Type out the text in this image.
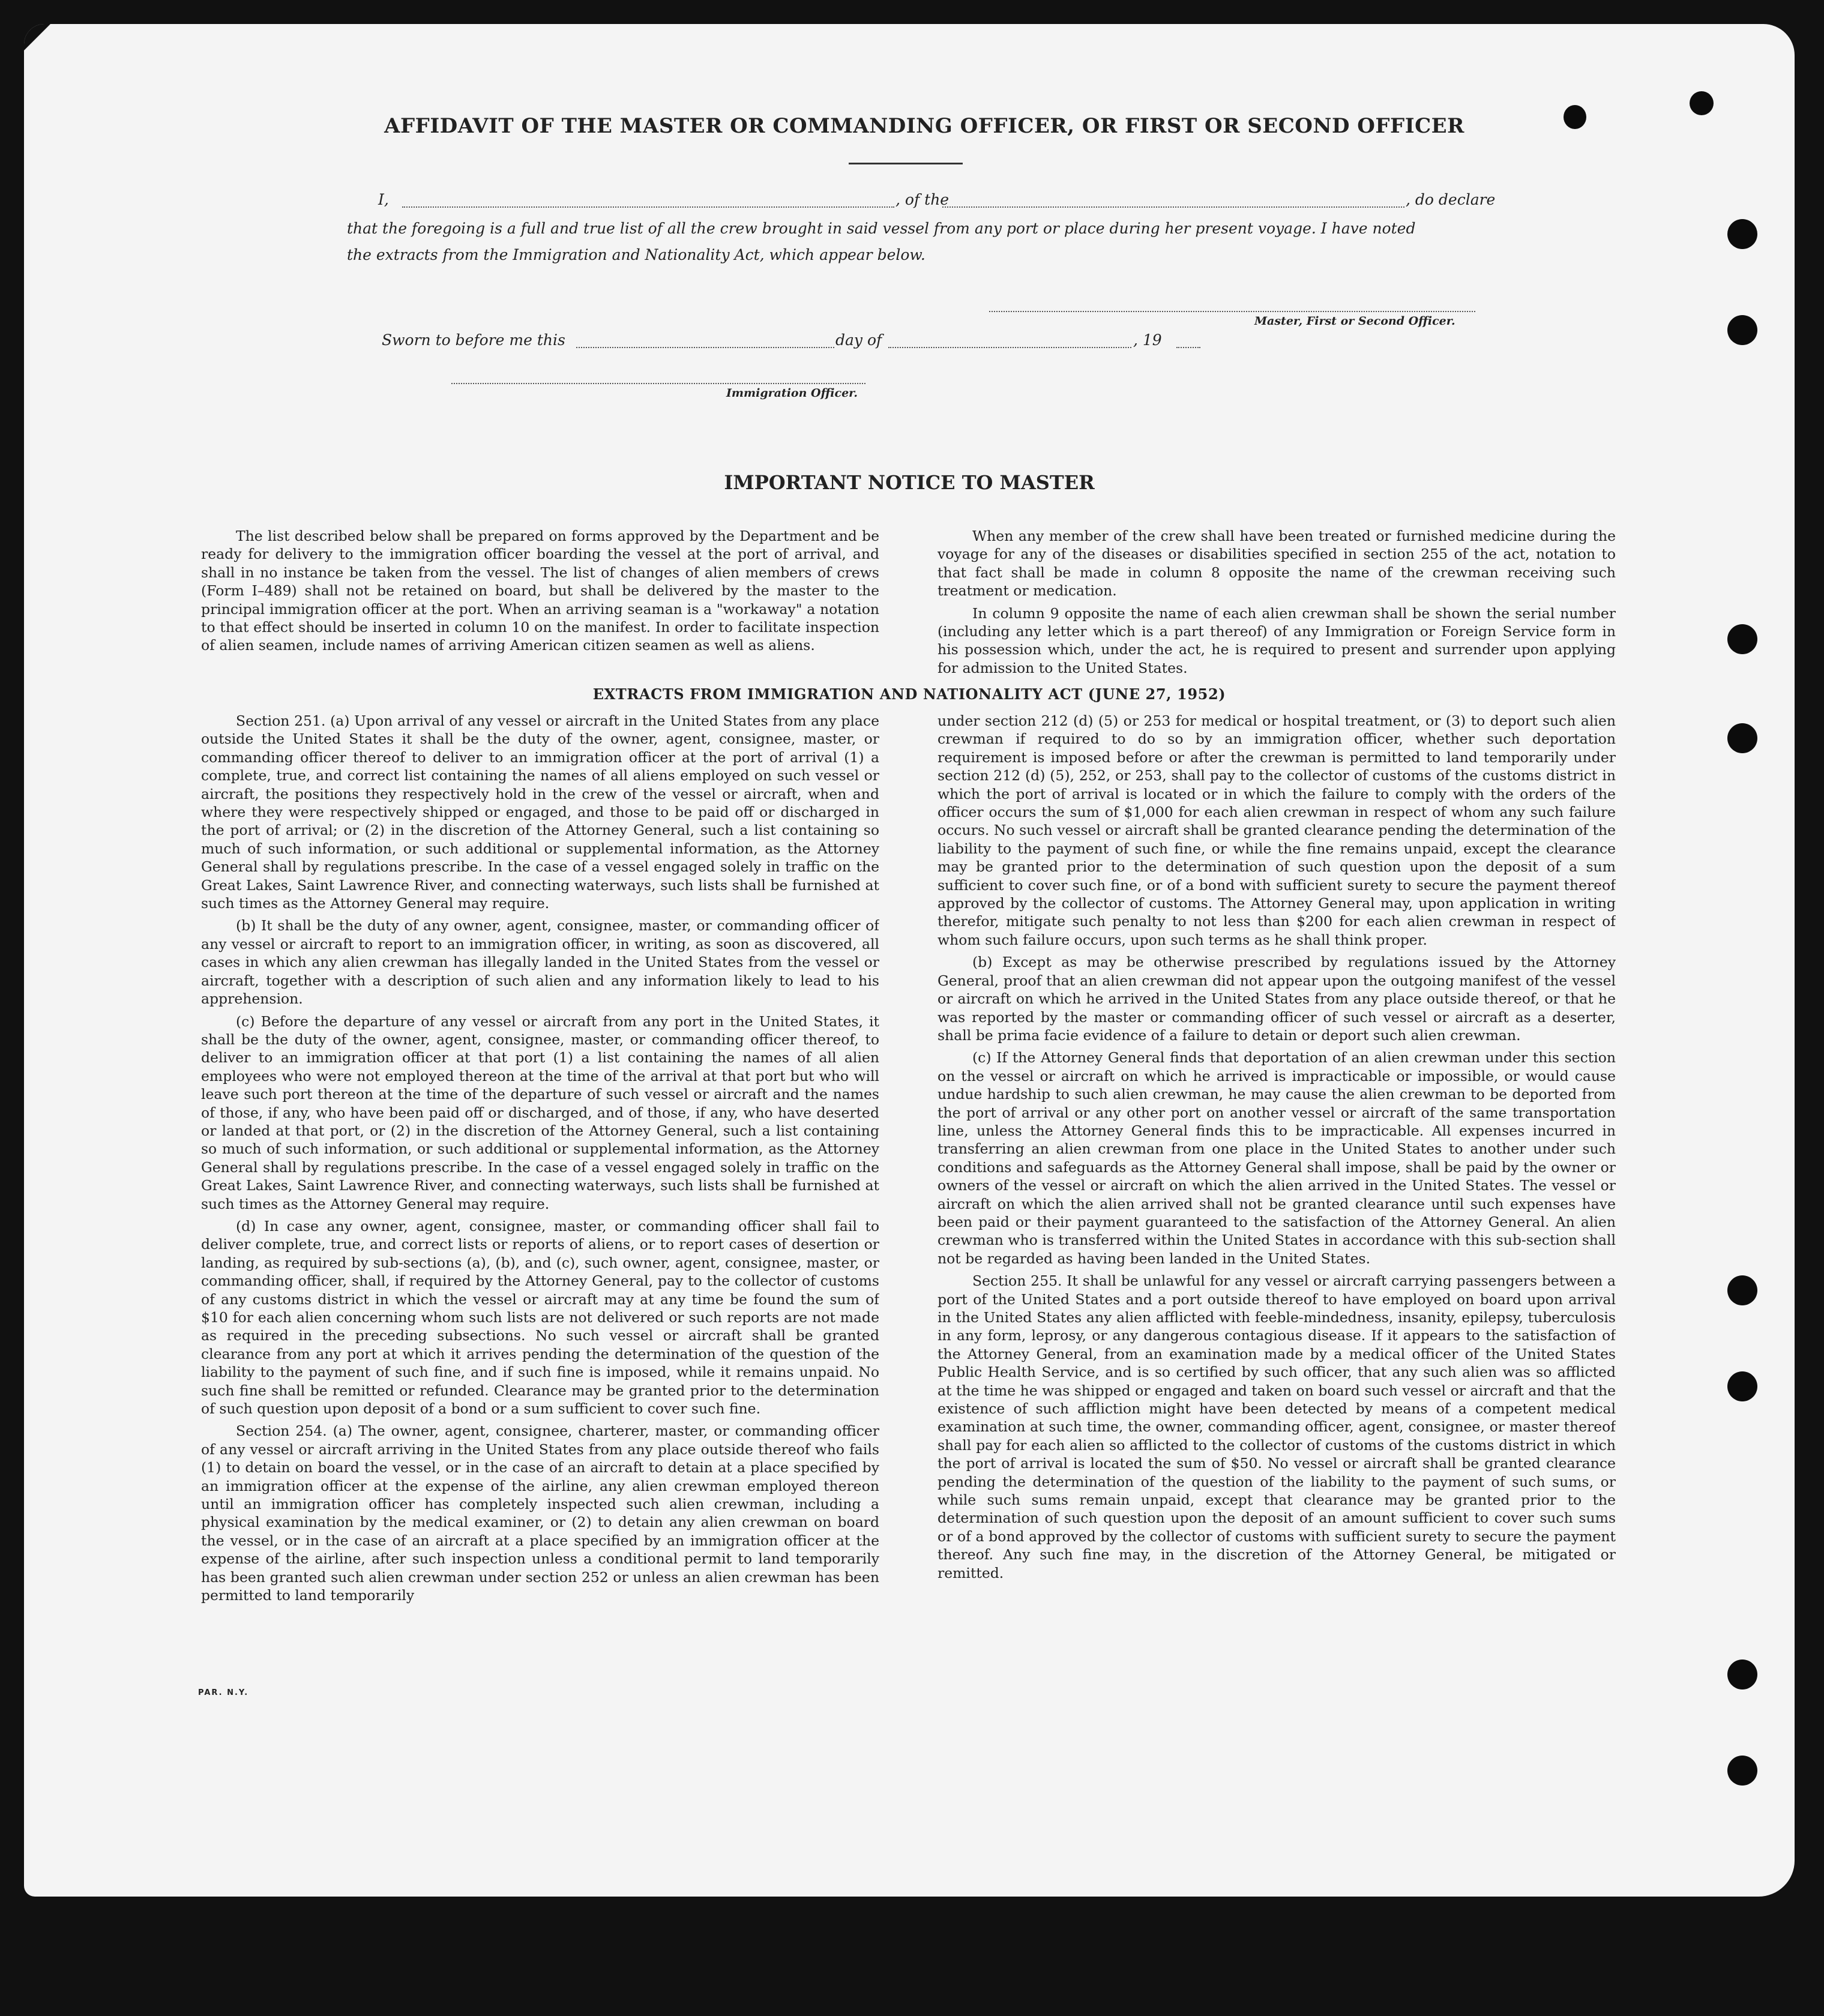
AFFIDAVIT OF THE MASTER OR COMMANDING OFFICER, OR FIRST OR SECOND OFFICER
I,	, of the	, do declare
that the foregoing is a full and true list of all the crew brought in said vessel from any port or place during her present voyage. I have noted
the extracts from the Immigration and Nationality Act, which appear below.
Master, First or Second Officer.
Sworn to before me this	day of	, 19
Immigration Officer.
IMPORTANT NOTICE TO MASTER

The list described below shall be prepared on forms approved by the Department and be ready for delivery to the immigration officer boarding the vessel at the port of arrival, and shall in no instance be taken from the vessel. The list of changes of alien members of crews (Form I–489) shall not be retained on board, but shall be delivered by the master to the principal immigration officer at the port. When an arriving seaman is a "workaway" a notation to that effect should be inserted in column 10 on the manifest. In order to facilitate inspection of alien seamen, include names of arriving American citizen seamen as well as aliens.

When any member of the crew shall have been treated or furnished medicine during the voyage for any of the diseases or disabilities specified in section 255 of the act, notation to that fact shall be made in column 8 opposite the name of the crewman receiving such treatment or medication.

In column 9 opposite the name of each alien crewman shall be shown the serial number (including any letter which is a part thereof) of any Immigration or Foreign Service form in his possession which, under the act, he is required to present and surrender upon applying for admission to the United States.

EXTRACTS FROM IMMIGRATION AND NATIONALITY ACT (JUNE 27, 1952)

Section 251. (a) Upon arrival of any vessel or aircraft in the United States from any place outside the United States it shall be the duty of the owner, agent, consignee, master, or commanding officer thereof to deliver to an immigration officer at the port of arrival (1) a complete, true, and correct list containing the names of all aliens employed on such vessel or aircraft, the positions they respectively hold in the crew of the vessel or aircraft, when and where they were respectively shipped or engaged, and those to be paid off or discharged in the port of arrival; or (2) in the discretion of the Attorney General, such a list containing so much of such information, or such additional or supplemental information, as the Attorney General shall by regulations prescribe. In the case of a vessel engaged solely in traffic on the Great Lakes, Saint Lawrence River, and connecting waterways, such lists shall be furnished at such times as the Attorney General may require.

(b) It shall be the duty of any owner, agent, consignee, master, or commanding officer of any vessel or aircraft to report to an immigration officer, in writing, as soon as discovered, all cases in which any alien crewman has illegally landed in the United States from the vessel or aircraft, together with a description of such alien and any information likely to lead to his apprehension.

(c) Before the departure of any vessel or aircraft from any port in the United States, it shall be the duty of the owner, agent, consignee, master, or commanding officer thereof, to deliver to an immigration officer at that port (1) a list containing the names of all alien employees who were not employed thereon at the time of the arrival at that port but who will leave such port thereon at the time of the departure of such vessel or aircraft and the names of those, if any, who have been paid off or discharged, and of those, if any, who have deserted or landed at that port, or (2) in the discretion of the Attorney General, such a list containing so much of such information, or such additional or supplemental information, as the Attorney General shall by regulations prescribe. In the case of a vessel engaged solely in traffic on the Great Lakes, Saint Lawrence River, and connecting waterways, such lists shall be furnished at such times as the Attorney General may require.

(d) In case any owner, agent, consignee, master, or commanding officer shall fail to deliver complete, true, and correct lists or reports of aliens, or to report cases of desertion or landing, as required by sub-sections (a), (b), and (c), such owner, agent, consignee, master, or commanding officer, shall, if required by the Attorney General, pay to the collector of customs of any customs district in which the vessel or aircraft may at any time be found the sum of $10 for each alien concerning whom such lists are not delivered or such reports are not made as required in the preceding subsections. No such vessel or aircraft shall be granted clearance from any port at which it arrives pending the determination of the question of the liability to the payment of such fine, and if such fine is imposed, while it remains unpaid. No such fine shall be remitted or refunded. Clearance may be granted prior to the determination of such question upon deposit of a bond or a sum sufficient to cover such fine.

Section 254. (a) The owner, agent, consignee, charterer, master, or commanding officer of any vessel or aircraft arriving in the United States from any place outside thereof who fails (1) to detain on board the vessel, or in the case of an aircraft to detain at a place specified by an immigration officer at the expense of the airline, any alien crewman employed thereon until an immigration officer has completely inspected such alien crewman, including a physical examination by the medical examiner, or (2) to detain any alien crewman on board the vessel, or in the case of an aircraft at a place specified by an immigration officer at the expense of the airline, after such inspection unless a conditional permit to land temporarily has been granted such alien crewman under section 252 or unless an alien crewman has been permitted to land temporarily

under section 212 (d) (5) or 253 for medical or hospital treatment, or (3) to deport such alien crewman if required to do so by an immigration officer, whether such deportation requirement is imposed before or after the crewman is permitted to land temporarily under section 212 (d) (5), 252, or 253, shall pay to the collector of customs of the customs district in which the port of arrival is located or in which the failure to comply with the orders of the officer occurs the sum of $1,000 for each alien crewman in respect of whom any such failure occurs. No such vessel or aircraft shall be granted clearance pending the determination of the liability to the payment of such fine, or while the fine remains unpaid, except the clearance may be granted prior to the determination of such question upon the deposit of a sum sufficient to cover such fine, or of a bond with sufficient surety to secure the payment thereof approved by the collector of customs. The Attorney General may, upon application in writing therefor, mitigate such penalty to not less than $200 for each alien crewman in respect of whom such failure occurs, upon such terms as he shall think proper.

(b) Except as may be otherwise prescribed by regulations issued by the Attorney General, proof that an alien crewman did not appear upon the outgoing manifest of the vessel or aircraft on which he arrived in the United States from any place outside thereof, or that he was reported by the master or commanding officer of such vessel or aircraft as a deserter, shall be prima facie evidence of a failure to detain or deport such alien crewman.

(c) If the Attorney General finds that deportation of an alien crewman under this section on the vessel or aircraft on which he arrived is impracticable or impossible, or would cause undue hardship to such alien crewman, he may cause the alien crewman to be deported from the port of arrival or any other port on another vessel or aircraft of the same transportation line, unless the Attorney General finds this to be impracticable. All expenses incurred in transferring an alien crewman from one place in the United States to another under such conditions and safeguards as the Attorney General shall impose, shall be paid by the owner or owners of the vessel or aircraft on which the alien arrived in the United States. The vessel or aircraft on which the alien arrived shall not be granted clearance until such expenses have been paid or their payment guaranteed to the satisfaction of the Attorney General. An alien crewman who is transferred within the United States in accordance with this sub-section shall not be regarded as having been landed in the United States.

Section 255. It shall be unlawful for any vessel or aircraft carrying passengers between a port of the United States and a port outside thereof to have employed on board upon arrival in the United States any alien afflicted with feeble-mindedness, insanity, epilepsy, tuberculosis in any form, leprosy, or any dangerous contagious disease. If it appears to the satisfaction of the Attorney General, from an examination made by a medical officer of the United States Public Health Service, and is so certified by such officer, that any such alien was so afflicted at the time he was shipped or engaged and taken on board such vessel or aircraft and that the existence of such affliction might have been detected by means of a competent medical examination at such time, the owner, commanding officer, agent, consignee, or master thereof shall pay for each alien so afflicted to the collector of customs of the customs district in which the port of arrival is located the sum of $50. No vessel or aircraft shall be granted clearance pending the determination of the question of the liability to the payment of such sums, or while such sums remain unpaid, except that clearance may be granted prior to the determination of such question upon the deposit of an amount sufficient to cover such sums or of a bond approved by the collector of customs with sufficient surety to secure the payment thereof. Any such fine may, in the discretion of the Attorney General, be mitigated or remitted.

PAR. N.Y.
